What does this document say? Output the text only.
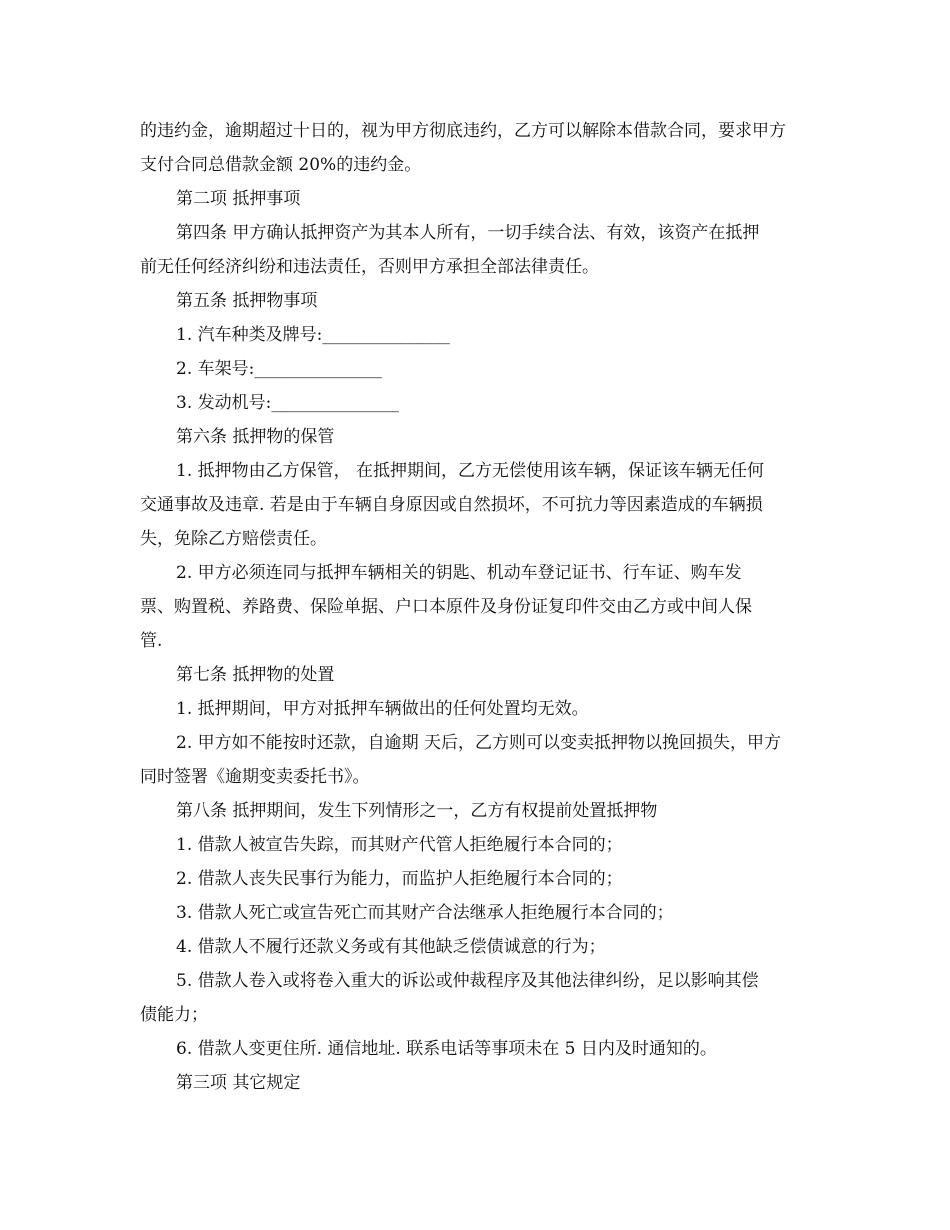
的违约金，逾期超过十日的，视为甲方彻底违约，乙方可以解除本借款合同，要求甲方
支付合同总借款金额 20%的违约金。
第二项 抵押事项
第四条 甲方确认抵押资产为其本人所有，一切手续合法、有效，该资产在抵押
前无任何经济纠纷和违法责任，否则甲方承担全部法律责任。
第五条 抵押物事项
1. 汽车种类及牌号:_______________
2. 车架号:_______________
3. 发动机号:_______________
第六条 抵押物的保管
1. 抵押物由乙方保管， 在抵押期间，乙方无偿使用该车辆，保证该车辆无任何
交通事故及违章. 若是由于车辆自身原因或自然损坏，不可抗力等因素造成的车辆损
失，免除乙方赔偿责任。
2. 甲方必须连同与抵押车辆相关的钥匙、机动车登记证书、行车证、购车发
票、购置税、养路费、保险单据、户口本原件及身份证复印件交由乙方或中间人保
管.
第七条 抵押物的处置
1. 抵押期间，甲方对抵押车辆做出的任何处置均无效。
2. 甲方如不能按时还款，自逾期 天后，乙方则可以变卖抵押物以挽回损失，甲方
同时签署《逾期变卖委托书》。
第八条 抵押期间，发生下列情形之一，乙方有权提前处置抵押物
1. 借款人被宣告失踪，而其财产代管人拒绝履行本合同的；
2. 借款人丧失民事行为能力，而监护人拒绝履行本合同的；
3. 借款人死亡或宣告死亡而其财产合法继承人拒绝履行本合同的；
4. 借款人不履行还款义务或有其他缺乏偿债诚意的行为；
5. 借款人卷入或将卷入重大的诉讼或仲裁程序及其他法律纠纷，足以影响其偿
债能力；
6. 借款人变更住所. 通信地址. 联系电话等事项未在 5 日内及时通知的。
第三项 其它规定
